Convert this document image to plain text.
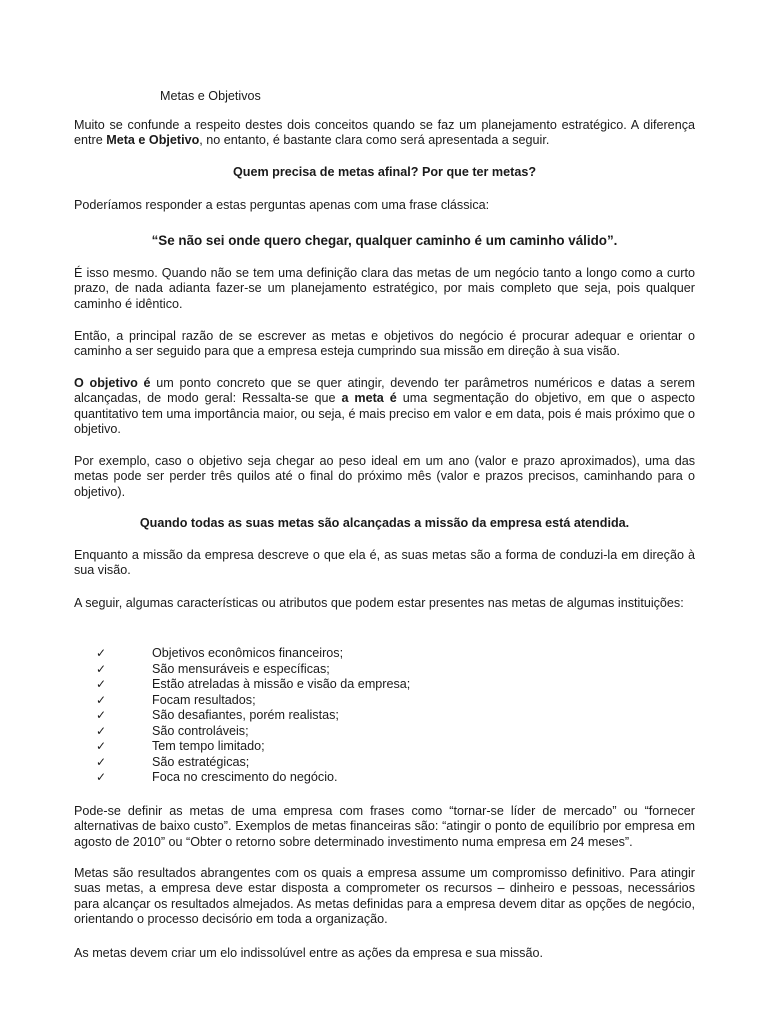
Metas e Objetivos

Muito se confunde a respeito destes dois conceitos quando se faz um planejamento estratégico. A diferença entre Meta e Objetivo, no entanto, é bastante clara como será apresentada a seguir.

Quem precisa de metas afinal? Por que ter metas?

Poderíamos responder a estas perguntas apenas com uma frase clássica:

“Se não sei onde quero chegar, qualquer caminho é um caminho válido”.

É isso mesmo. Quando não se tem uma definição clara das metas de um negócio tanto a longo como a curto prazo, de nada adianta fazer-se um planejamento estratégico, por mais completo que seja, pois qualquer caminho é idêntico.

Então, a principal razão de se escrever as metas e objetivos do negócio é procurar adequar e orientar o caminho a ser seguido para que a empresa esteja cumprindo sua missão em direção à sua visão.

O objetivo é um ponto concreto que se quer atingir, devendo ter parâmetros numéricos e datas a serem alcançadas, de modo geral: Ressalta-se que a meta é uma segmentação do objetivo, em que o aspecto quantitativo tem uma importância maior, ou seja, é mais preciso em valor e em data, pois é mais próximo que o objetivo.

Por exemplo, caso o objetivo seja chegar ao peso ideal em um ano (valor e prazo aproximados), uma das metas pode ser perder três quilos até o final do próximo mês (valor e prazos precisos, caminhando para o objetivo).

Quando todas as suas metas são alcançadas a missão da empresa está atendida.

Enquanto a missão da empresa descreve o que ela é, as suas metas são a forma de conduzi-la em direção à sua visão.

A seguir, algumas características ou atributos que podem estar presentes nas metas de algumas instituições:

✓	Objetivos econômicos financeiros;
✓	São mensuráveis e específicas;
✓	Estão atreladas à missão e visão da empresa;
✓	Focam resultados;
✓	São desafiantes, porém realistas;
✓	São controláveis;
✓	Tem tempo limitado;
✓	São estratégicas;
✓	Foca no crescimento do negócio.

Pode-se definir as metas de uma empresa com frases como “tornar-se líder de mercado” ou “fornecer alternativas de baixo custo”. Exemplos de metas financeiras são: “atingir o ponto de equilíbrio por empresa em agosto de 2010” ou “Obter o retorno sobre determinado investimento numa empresa em 24 meses”.

Metas são resultados abrangentes com os quais a empresa assume um compromisso definitivo. Para atingir suas metas, a empresa deve estar disposta a comprometer os recursos – dinheiro e pessoas, necessários para alcançar os resultados almejados. As metas definidas para a empresa devem ditar as opções de negócio, orientando o processo decisório em toda a organização.

As metas devem criar um elo indissolúvel entre as ações da empresa e sua missão.
